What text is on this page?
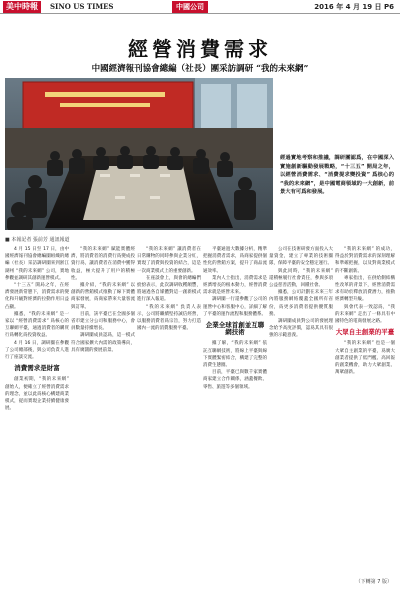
美中時報	SINO US TIMES	中國公司	2016 年 4 月 19 日 P6
經營消費需求
中國經濟報刊協會總編（社長）團采訪調研 “我的未來網”
經過實地考察和推議，調研團認爲，在中國深入實施創新驅動發展戰略，“十三五” 開局之年，以經營消費需求、“消費提求變投資” 爲核心的 “我的未來網”，是中國電商領域的一大創新，前景大有可爲和發展。
■ 本報記者 張前芳 通訊報道

4 月 15 日至 17 日，由中國經濟報刊協會總編團組織的總編（社長）采訪調研團來到浙江湖州 “我的未來網” 公司，實地參觀並調研其創新運營模式。

“十三五” 開局之年，在經濟發展新常態下，消費需求的變化和升級對經濟的拉動作用日益凸顯。

據悉，“我的未來網” 是一家以 “經營消費需求” 爲核心的互聯網平臺，通過消費者的購買行爲轉化爲投資收益。

4 月 16 日，調研團在參觀了公司總部後，與公司負責人進行了座談交流。

消費需求是財富

創業初期，“我的未來網” 創始人，便確立了經營消費需求的理念，並以此爲核心構建商業模式，從而實現企業持續健康發展。

“我的未來網” 賦能實體經濟，將消費者的消費行爲變成投資行爲，讓消費者在消費中獲得收益，極大提升了用戶的積極性。

據介紹，“我的未來網” 以創新的營銷模式推動了線下實體商家發展，爲商家帶來大量客流與訂單。

目前，該平臺已在全國多個省市建立分公司和服務中心，會員數量持續增長。

調研團成員認爲，這一模式符合國家擴大內需的政策導向，具有廣闊的發展前景。

“我的未來網” 讓消費者在日常購物的同時參與企業分紅，實現了消費與投資的結合，這是一次商業模式上的重要創新。

在座談會上，與會的總編們紛紛表示，此次調研收穫頗豐，將通過各自媒體對這一創新模式進行深入報道。

“我的未來網” 負責人表示，公司將繼續堅持誠信經營，以服務消費者爲宗旨，努力打造國內一流的消費服務平臺。

平臺通過大數據分析，精準把握消費者需求，爲商家提供個性化的營銷方案，提升了商品流通效率。

業內人士指出，消費需求是經濟增長的根本動力，經營消費需求就是經營未來。

調研團一行還參觀了公司的運營中心和客服中心，詳細了解了平臺的運作流程和服務體系。

企業全球首創並互聯網技術

據了解，“我的未來網” 依託互聯網技術，將線上平臺與線下實體緊密結合，構建了完整的消費生態圈。

目前，平臺已與數千家實體商家建立合作關係，涵蓋餐飲、零售、旅遊等多個領域。

公司在技術研發方面投入大量資金，建立了專業的技術團隊，保障平臺的安全穩定運行。

與此同時，“我的未來網” 還積極履行社會責任，參與多項公益慈善活動，回饋社會。

據悉，公司計劃在未來三年內將服務網絡覆蓋全國所有省份，爲更多消費者提供優質服務。

調研團成員對公司的發展理念給予高度評價，認爲其具有很強的示範意義。

“我的未來網” 的成功，得益於對消費需求的深刻理解和準確把握，以及對商業模式的不斷創新。

專家指出，在供給側結構性改革的背景下，經營消費需求有助於釋放消費潛力，推動經濟轉型升級。

與會代表一致認爲，“我的未來網” 走出了一條具有中國特色的電商發展之路。

大眾自主創業的平臺

“我的未來網” 也是一個大眾自主創業的平臺，爲廣大創業者提供了低門檻、高回報的創業機會，助力大眾創業、萬眾創新。

（下轉第 7 版）
